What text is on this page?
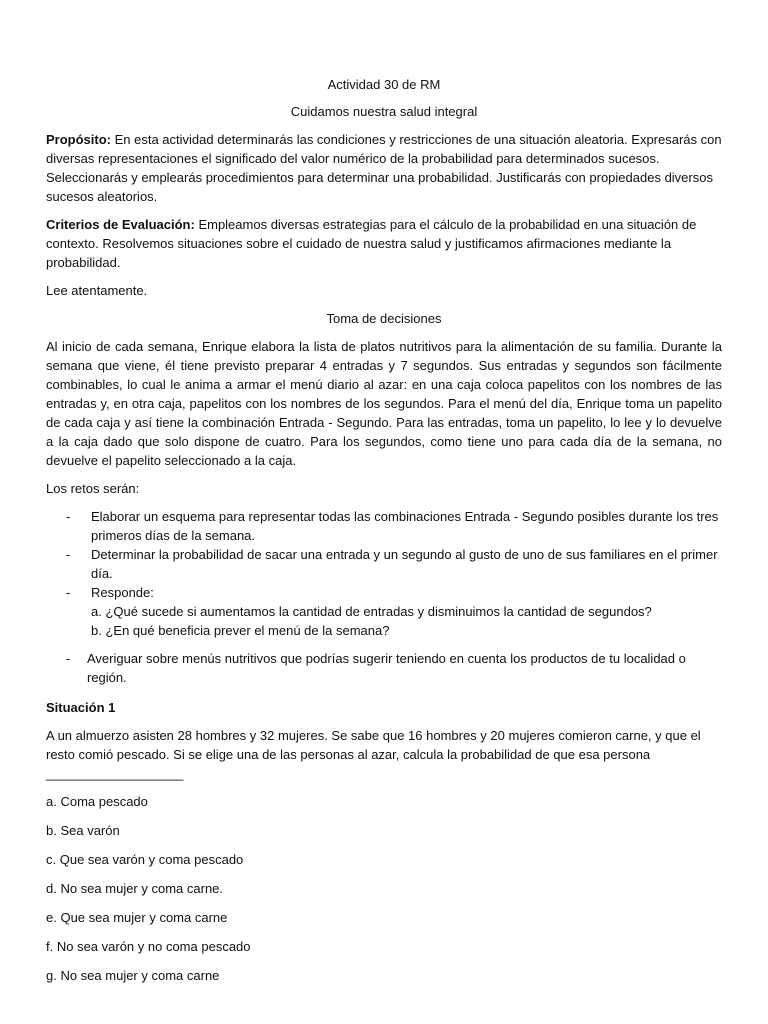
Actividad 30 de RM

Cuidamos nuestra salud integral

Propósito: En esta actividad determinarás las condiciones y restricciones de una situación aleatoria. Expresarás con diversas representaciones el significado del valor numérico de la probabilidad para determinados sucesos. Seleccionarás y emplearás procedimientos para determinar una probabilidad. Justificarás con propiedades diversos sucesos aleatorios.

Criterios de Evaluación: Empleamos diversas estrategias para el cálculo de la probabilidad en una situación de contexto. Resolvemos situaciones sobre el cuidado de nuestra salud y justificamos afirmaciones mediante la probabilidad.

Lee atentamente.

Toma de decisiones

Al inicio de cada semana, Enrique elabora la lista de platos nutritivos para la alimentación de su familia. Durante la semana que viene, él tiene previsto preparar 4 entradas y 7 segundos. Sus entradas y segundos son fácilmente combinables, lo cual le anima a armar el menú diario al azar: en una caja coloca papelitos con los nombres de las entradas y, en otra caja, papelitos con los nombres de los segundos. Para el menú del día, Enrique toma un papelito de cada caja y así tiene la combinación Entrada - Segundo. Para las entradas, toma un papelito, lo lee y lo devuelve a la caja dado que solo dispone de cuatro. Para los segundos, como tiene uno para cada día de la semana, no devuelve el papelito seleccionado a la caja.

Los retos serán:

- Elaborar un esquema para representar todas las combinaciones Entrada - Segundo posibles durante los tres primeros días de la semana.
- Determinar la probabilidad de sacar una entrada y un segundo al gusto de uno de sus familiares en el primer día.
- Responde:
a. ¿Qué sucede si aumentamos la cantidad de entradas y disminuimos la cantidad de segundos?
b. ¿En qué beneficia prever el menú de la semana?

- Averiguar sobre menús nutritivos que podrías sugerir teniendo en cuenta los productos de tu localidad o región.

Situación 1

A un almuerzo asisten 28 hombres y 32 mujeres. Se sabe que 16 hombres y 20 mujeres comieron carne, y que el resto comió pescado. Si se elige una de las personas al azar, calcula la probabilidad de que esa persona ___________________

a. Coma pescado

b. Sea varón

c. Que sea varón y coma pescado

d. No sea mujer y coma carne.

e. Que sea mujer y coma carne

f. No sea varón y no coma pescado

g. No sea mujer y coma carne
